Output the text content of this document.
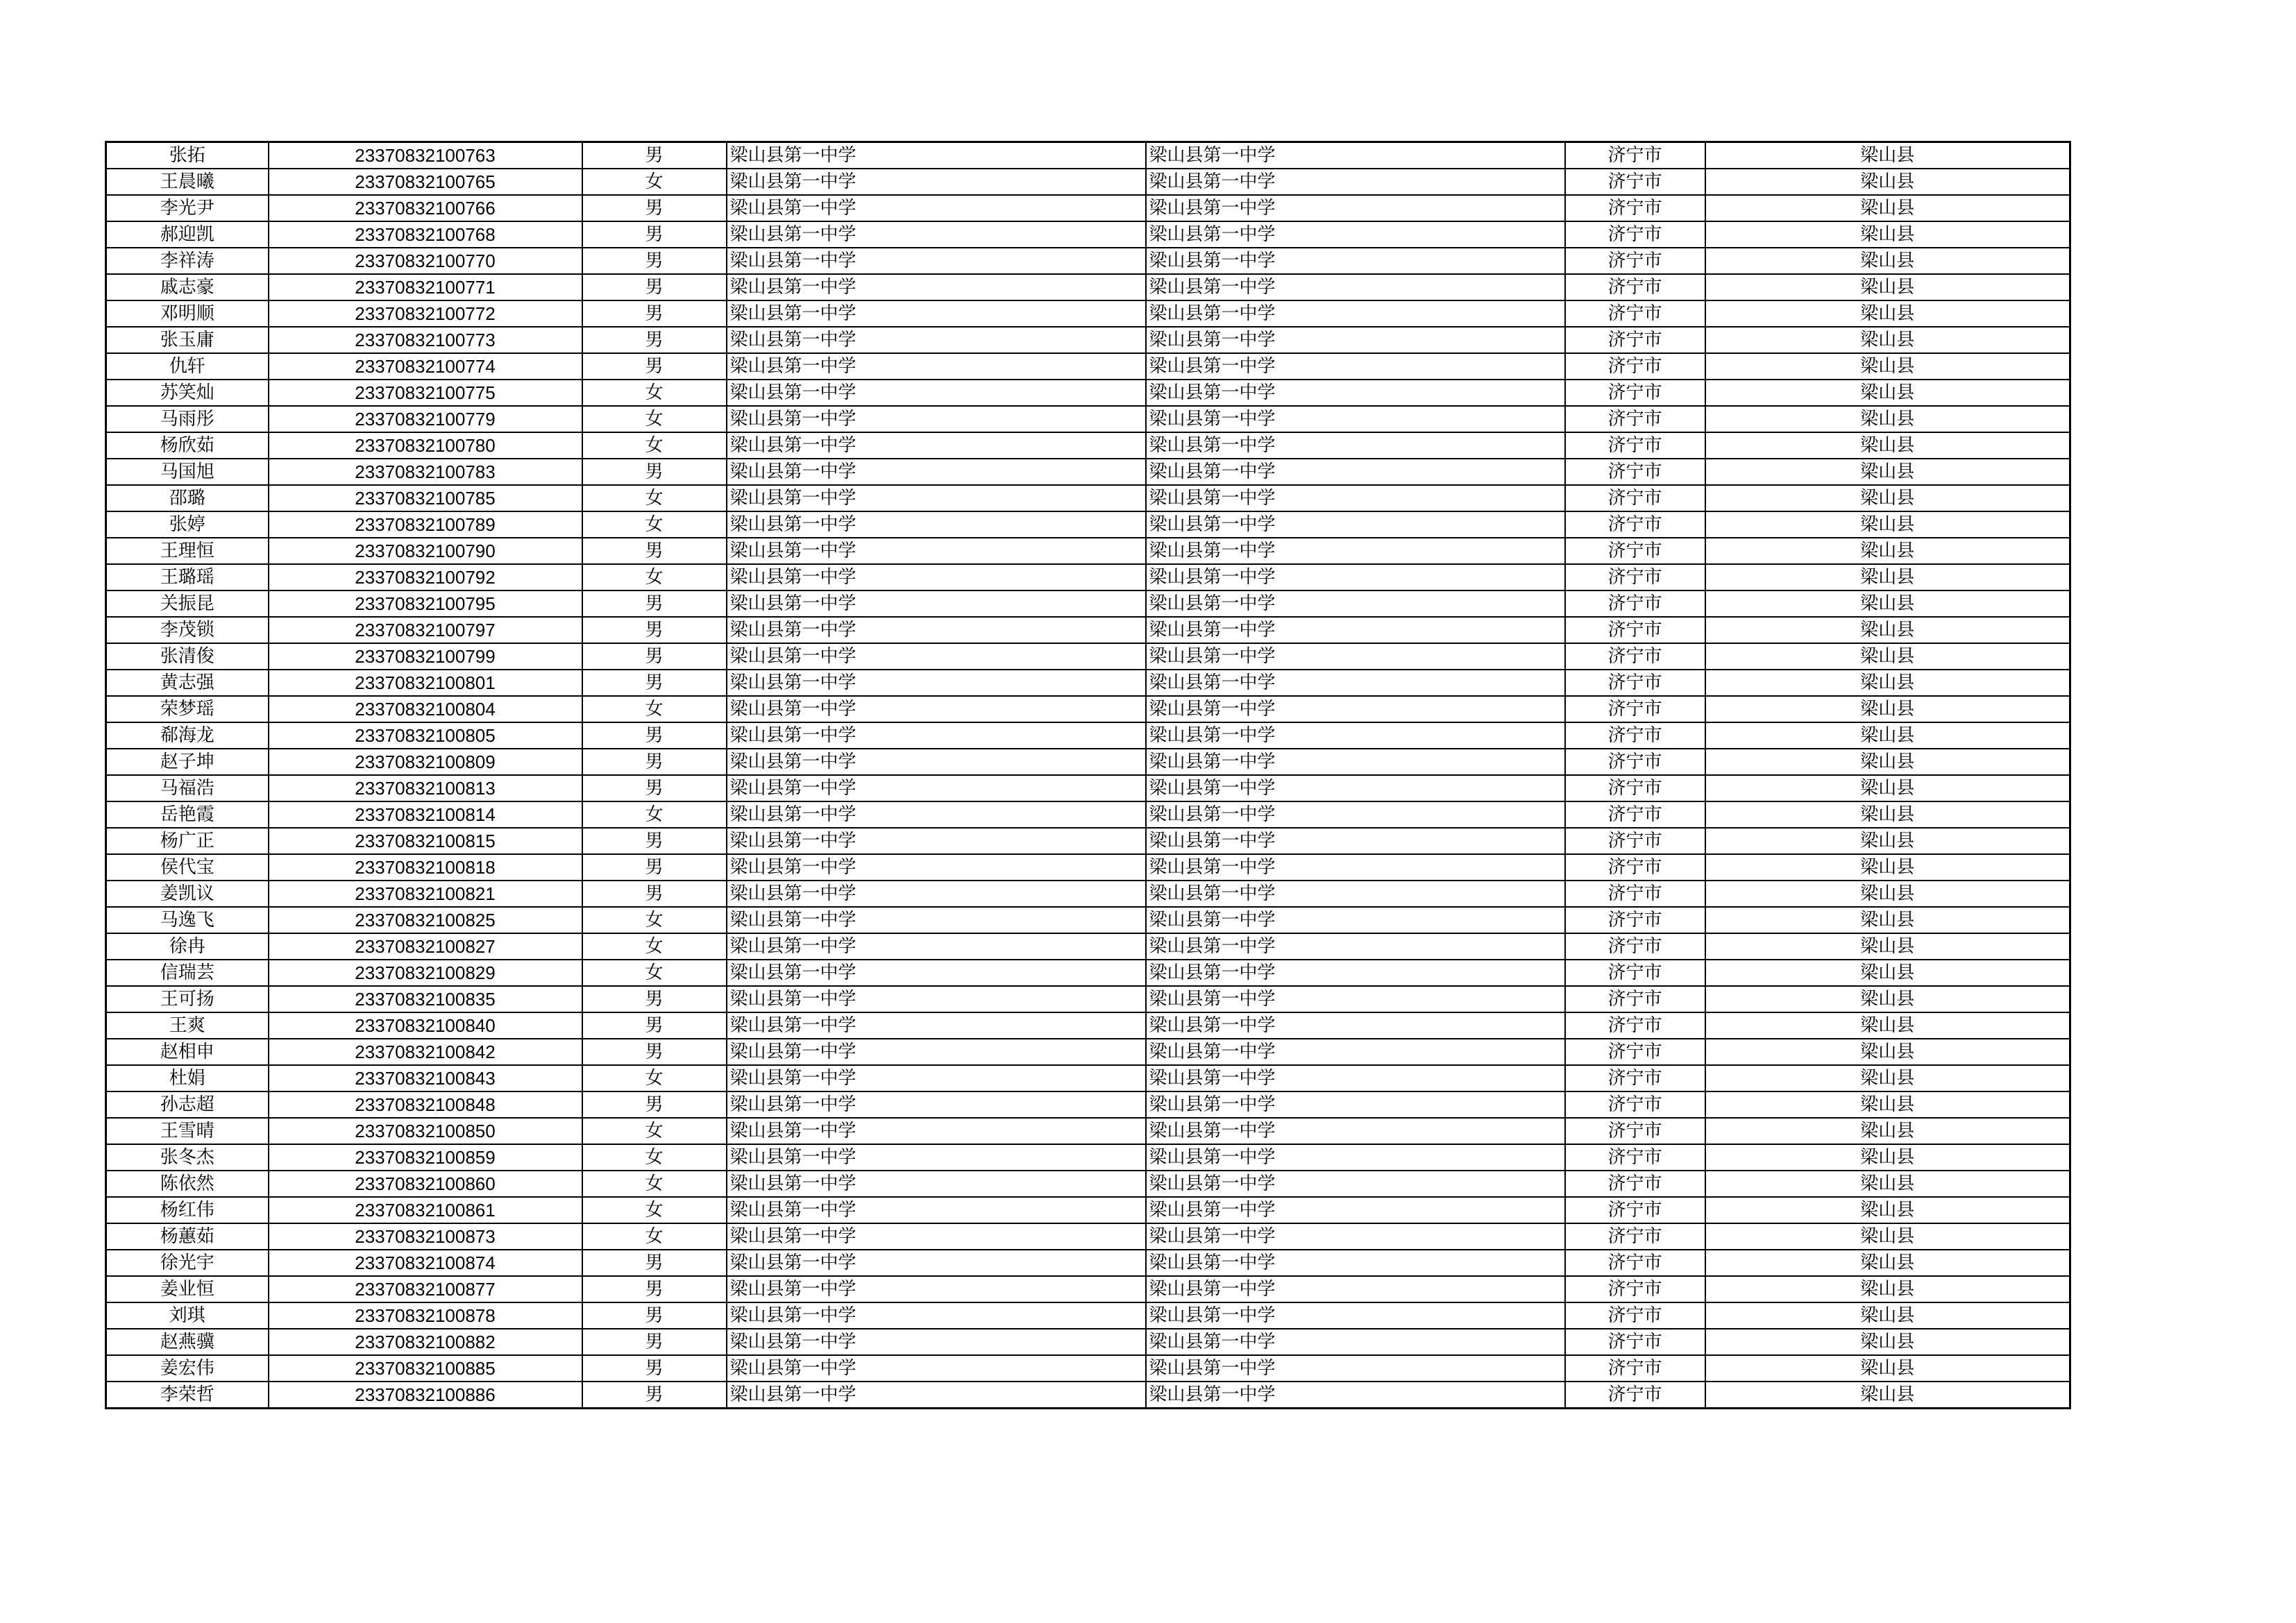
张拓	23370832100763	男	梁山县第一中学	梁山县第一中学	济宁市	梁山县
王晨曦	23370832100765	女	梁山县第一中学	梁山县第一中学	济宁市	梁山县
李光尹	23370832100766	男	梁山县第一中学	梁山县第一中学	济宁市	梁山县
郝迎凯	23370832100768	男	梁山县第一中学	梁山县第一中学	济宁市	梁山县
李祥涛	23370832100770	男	梁山县第一中学	梁山县第一中学	济宁市	梁山县
戚志豪	23370832100771	男	梁山县第一中学	梁山县第一中学	济宁市	梁山县
邓明顺	23370832100772	男	梁山县第一中学	梁山县第一中学	济宁市	梁山县
张玉庸	23370832100773	男	梁山县第一中学	梁山县第一中学	济宁市	梁山县
仇轩	23370832100774	男	梁山县第一中学	梁山县第一中学	济宁市	梁山县
苏笑灿	23370832100775	女	梁山县第一中学	梁山县第一中学	济宁市	梁山县
马雨彤	23370832100779	女	梁山县第一中学	梁山县第一中学	济宁市	梁山县
杨欣茹	23370832100780	女	梁山县第一中学	梁山县第一中学	济宁市	梁山县
马国旭	23370832100783	男	梁山县第一中学	梁山县第一中学	济宁市	梁山县
邵璐	23370832100785	女	梁山县第一中学	梁山县第一中学	济宁市	梁山县
张婷	23370832100789	女	梁山县第一中学	梁山县第一中学	济宁市	梁山县
王理恒	23370832100790	男	梁山县第一中学	梁山县第一中学	济宁市	梁山县
王璐瑶	23370832100792	女	梁山县第一中学	梁山县第一中学	济宁市	梁山县
关振昆	23370832100795	男	梁山县第一中学	梁山县第一中学	济宁市	梁山县
李茂锁	23370832100797	男	梁山县第一中学	梁山县第一中学	济宁市	梁山县
张清俊	23370832100799	男	梁山县第一中学	梁山县第一中学	济宁市	梁山县
黄志强	23370832100801	男	梁山县第一中学	梁山县第一中学	济宁市	梁山县
荣梦瑶	23370832100804	女	梁山县第一中学	梁山县第一中学	济宁市	梁山县
郗海龙	23370832100805	男	梁山县第一中学	梁山县第一中学	济宁市	梁山县
赵子坤	23370832100809	男	梁山县第一中学	梁山县第一中学	济宁市	梁山县
马福浩	23370832100813	男	梁山县第一中学	梁山县第一中学	济宁市	梁山县
岳艳霞	23370832100814	女	梁山县第一中学	梁山县第一中学	济宁市	梁山县
杨广正	23370832100815	男	梁山县第一中学	梁山县第一中学	济宁市	梁山县
侯代宝	23370832100818	男	梁山县第一中学	梁山县第一中学	济宁市	梁山县
姜凯议	23370832100821	男	梁山县第一中学	梁山县第一中学	济宁市	梁山县
马逸飞	23370832100825	女	梁山县第一中学	梁山县第一中学	济宁市	梁山县
徐冉	23370832100827	女	梁山县第一中学	梁山县第一中学	济宁市	梁山县
信瑞芸	23370832100829	女	梁山县第一中学	梁山县第一中学	济宁市	梁山县
王可扬	23370832100835	男	梁山县第一中学	梁山县第一中学	济宁市	梁山县
王爽	23370832100840	男	梁山县第一中学	梁山县第一中学	济宁市	梁山县
赵相申	23370832100842	男	梁山县第一中学	梁山县第一中学	济宁市	梁山县
杜娟	23370832100843	女	梁山县第一中学	梁山县第一中学	济宁市	梁山县
孙志超	23370832100848	男	梁山县第一中学	梁山县第一中学	济宁市	梁山县
王雪晴	23370832100850	女	梁山县第一中学	梁山县第一中学	济宁市	梁山县
张冬杰	23370832100859	女	梁山县第一中学	梁山县第一中学	济宁市	梁山县
陈依然	23370832100860	女	梁山县第一中学	梁山县第一中学	济宁市	梁山县
杨红伟	23370832100861	女	梁山县第一中学	梁山县第一中学	济宁市	梁山县
杨蕙茹	23370832100873	女	梁山县第一中学	梁山县第一中学	济宁市	梁山县
徐光宇	23370832100874	男	梁山县第一中学	梁山县第一中学	济宁市	梁山县
姜业恒	23370832100877	男	梁山县第一中学	梁山县第一中学	济宁市	梁山县
刘琪	23370832100878	男	梁山县第一中学	梁山县第一中学	济宁市	梁山县
赵燕骥	23370832100882	男	梁山县第一中学	梁山县第一中学	济宁市	梁山县
姜宏伟	23370832100885	男	梁山县第一中学	梁山县第一中学	济宁市	梁山县
李荣哲	23370832100886	男	梁山县第一中学	梁山县第一中学	济宁市	梁山县
